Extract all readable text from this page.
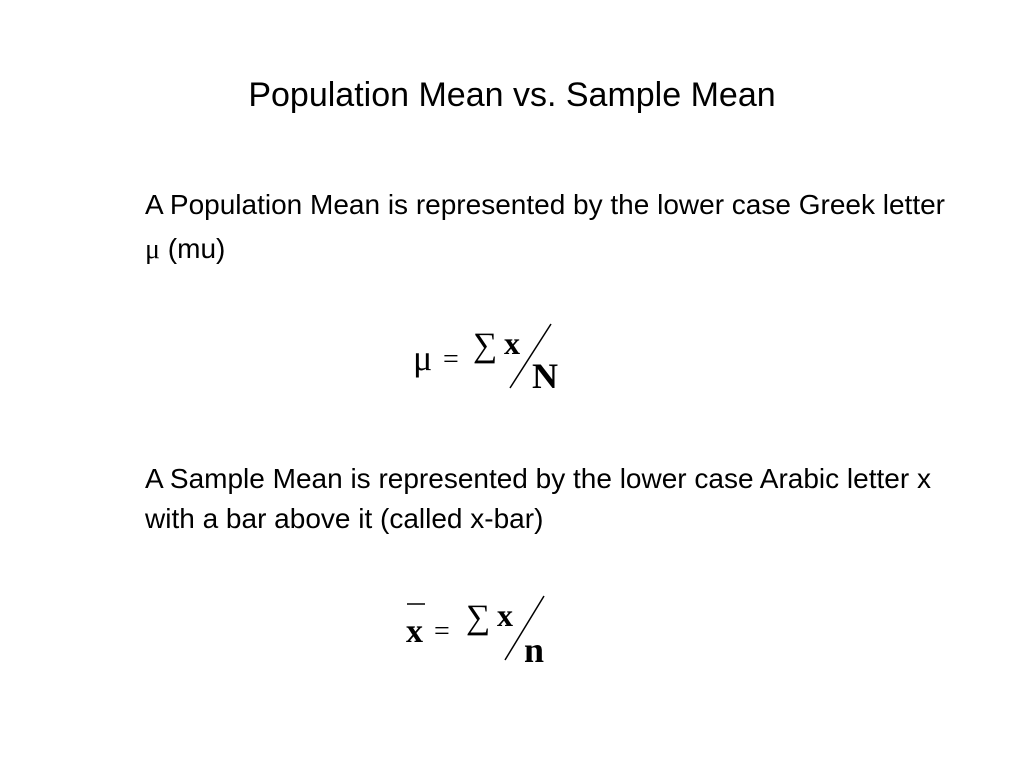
Population Mean vs. Sample Mean

A Population Mean is represented by the lower case Greek letter μ (mu)

μ = ∑ x
N

A Sample Mean is represented by the lower case Arabic letter x with a bar above it (called x-bar)

x = ∑ x
n
